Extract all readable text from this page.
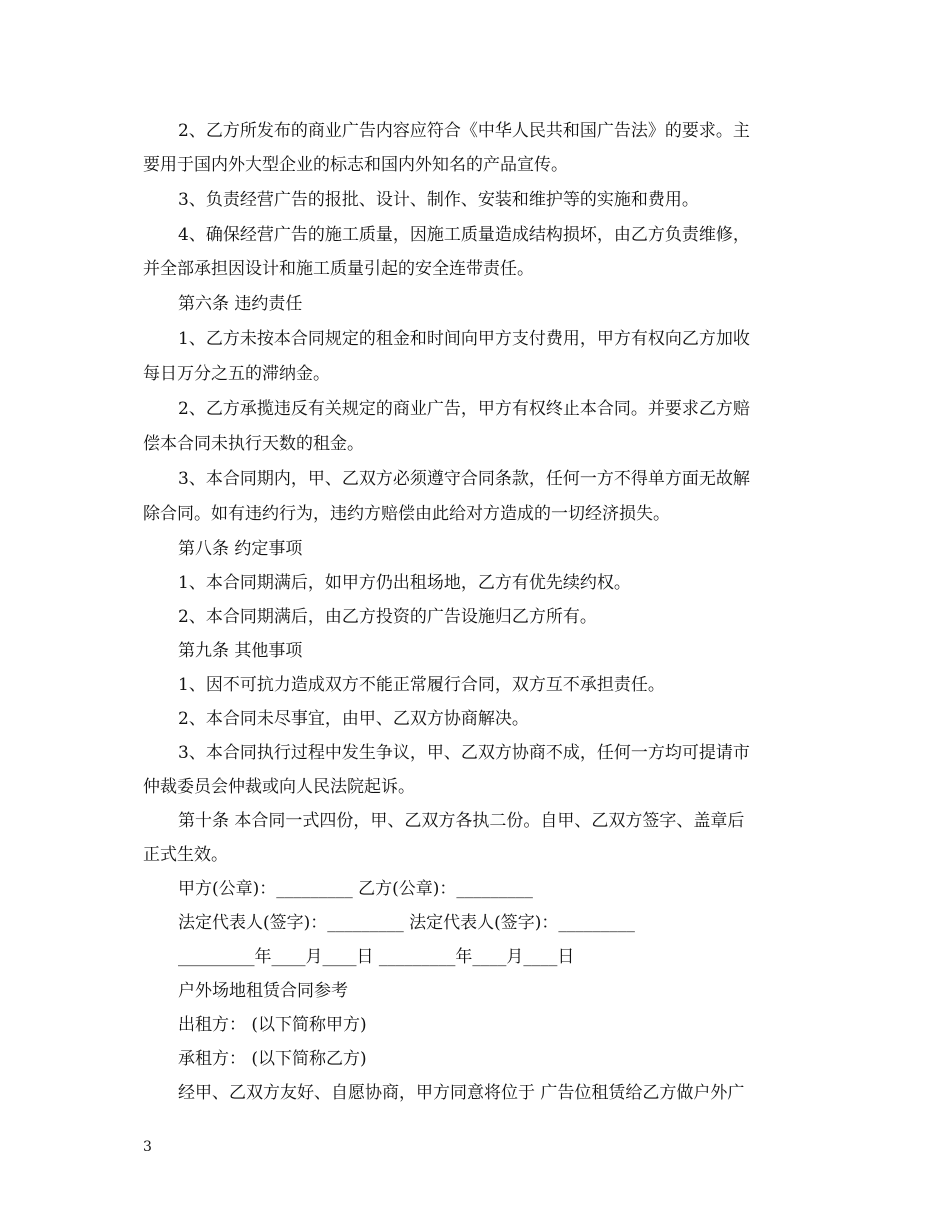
2、乙方所发布的商业广告内容应符合《中华人民共和国广告法》的要求。主
要用于国内外大型企业的标志和国内外知名的产品宣传。
3、负责经营广告的报批、设计、制作、安装和维护等的实施和费用。
4、确保经营广告的施工质量，因施工质量造成结构损坏，由乙方负责维修，
并全部承担因设计和施工质量引起的安全连带责任。
第六条 违约责任
1、乙方未按本合同规定的租金和时间向甲方支付费用，甲方有权向乙方加收
每日万分之五的滞纳金。
2、乙方承揽违反有关规定的商业广告，甲方有权终止本合同。并要求乙方赔
偿本合同未执行天数的租金。
3、本合同期内，甲、乙双方必须遵守合同条款，任何一方不得单方面无故解
除合同。如有违约行为，违约方赔偿由此给对方造成的一切经济损失。
第八条 约定事项
1、本合同期满后，如甲方仍出租场地，乙方有优先续约权。
2、本合同期满后，由乙方投资的广告设施归乙方所有。
第九条 其他事项
1、因不可抗力造成双方不能正常履行合同，双方互不承担责任。
2、本合同未尽事宜，由甲、乙双方协商解决。
3、本合同执行过程中发生争议，甲、乙双方协商不成，任何一方均可提请市
仲裁委员会仲裁或向人民法院起诉。
第十条 本合同一式四份，甲、乙双方各执二份。自甲、乙双方签字、盖章后
正式生效。
甲方(公章)：_________ 乙方(公章)：_________
法定代表人(签字)：_________ 法定代表人(签字)：_________
_________年____月____日 _________年____月____日
户外场地租赁合同参考
出租方： (以下简称甲方)
承租方： (以下简称乙方)
经甲、乙双方友好、自愿协商，甲方同意将位于 广告位租赁给乙方做户外广
3
